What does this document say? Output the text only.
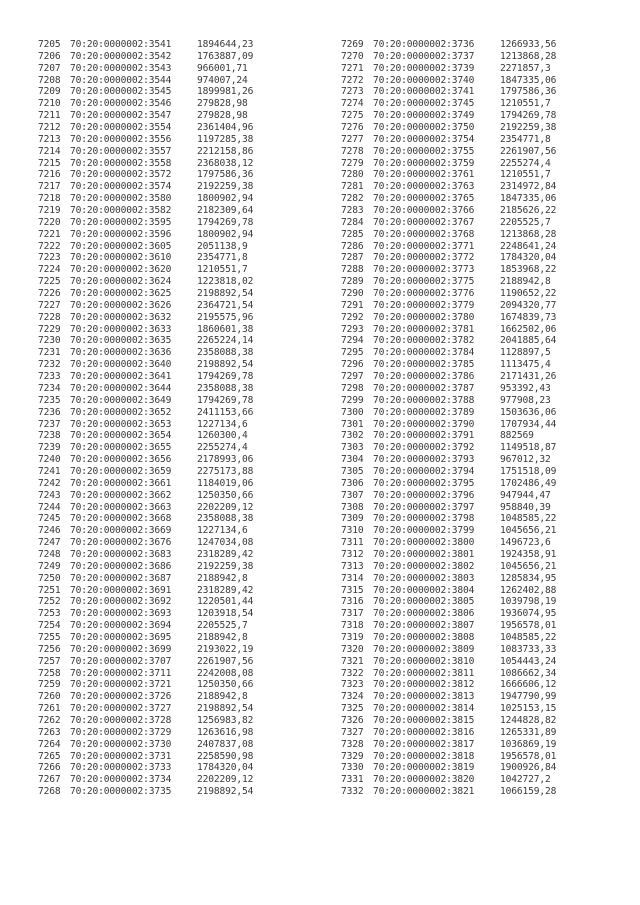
7205 70:20:0000002:3541	1894644,23
7206 70:20:0000002:3542	1763887,09
7207 70:20:0000002:3543	966001,71
7208 70:20:0000002:3544	974007,24
7209 70:20:0000002:3545	1899981,26
7210 70:20:0000002:3546	279828,98
7211 70:20:0000002:3547	279828,98
7212 70:20:0000002:3554	2361404,96
7213 70:20:0000002:3556	1197285,38
7214 70:20:0000002:3557	2212158,86
7215 70:20:0000002:3558	2368038,12
7216 70:20:0000002:3572	1797586,36
7217 70:20:0000002:3574	2192259,38
7218 70:20:0000002:3580	1800902,94
7219 70:20:0000002:3582	2182309,64
7220 70:20:0000002:3595	1794269,78
7221 70:20:0000002:3596	1800902,94
7222 70:20:0000002:3605	2051138,9
7223 70:20:0000002:3610	2354771,8
7224 70:20:0000002:3620	1210551,7
7225 70:20:0000002:3624	1223818,02
7226 70:20:0000002:3625	2198892,54
7227 70:20:0000002:3626	2364721,54
7228 70:20:0000002:3632	2195575,96
7229 70:20:0000002:3633	1860601,38
7230 70:20:0000002:3635	2265224,14
7231 70:20:0000002:3636	2358088,38
7232 70:20:0000002:3640	2198892,54
7233 70:20:0000002:3641	1794269,78
7234 70:20:0000002:3644	2358088,38
7235 70:20:0000002:3649	1794269,78
7236 70:20:0000002:3652	2411153,66
7237 70:20:0000002:3653	1227134,6
7238 70:20:0000002:3654	1260300,4
7239 70:20:0000002:3655	2255274,4
7240 70:20:0000002:3656	2178993,06
7241 70:20:0000002:3659	2275173,88
7242 70:20:0000002:3661	1184019,06
7243 70:20:0000002:3662	1250350,66
7244 70:20:0000002:3663	2202209,12
7245 70:20:0000002:3668	2358088,38
7246 70:20:0000002:3669	1227134,6
7247 70:20:0000002:3676	1247034,08
7248 70:20:0000002:3683	2318289,42
7249 70:20:0000002:3686	2192259,38
7250 70:20:0000002:3687	2188942,8
7251 70:20:0000002:3691	2318289,42
7252 70:20:0000002:3692	1220501,44
7253 70:20:0000002:3693	1203918,54
7254 70:20:0000002:3694	2205525,7
7255 70:20:0000002:3695	2188942,8
7256 70:20:0000002:3699	2193022,19
7257 70:20:0000002:3707	2261907,56
7258 70:20:0000002:3711	2242008,08
7259 70:20:0000002:3721	1250350,66
7260 70:20:0000002:3726	2188942,8
7261 70:20:0000002:3727	2198892,54
7262 70:20:0000002:3728	1256983,82
7263 70:20:0000002:3729	1263616,98
7264 70:20:0000002:3730	2407837,08
7265 70:20:0000002:3731	2258590,98
7266 70:20:0000002:3733	1784320,04
7267 70:20:0000002:3734	2202209,12
7268 70:20:0000002:3735	2198892,54
7269 70:20:0000002:3736	1266933,56
7270 70:20:0000002:3737	1213868,28
7271 70:20:0000002:3739	2271857,3
7272 70:20:0000002:3740	1847335,06
7273 70:20:0000002:3741	1797586,36
7274 70:20:0000002:3745	1210551,7
7275 70:20:0000002:3749	1794269,78
7276 70:20:0000002:3750	2192259,38
7277 70:20:0000002:3754	2354771,8
7278 70:20:0000002:3755	2261907,56
7279 70:20:0000002:3759	2255274,4
7280 70:20:0000002:3761	1210551,7
7281 70:20:0000002:3763	2314972,84
7282 70:20:0000002:3765	1847335,06
7283 70:20:0000002:3766	2185626,22
7284 70:20:0000002:3767	2205525,7
7285 70:20:0000002:3768	1213868,28
7286 70:20:0000002:3771	2248641,24
7287 70:20:0000002:3772	1784320,04
7288 70:20:0000002:3773	1853968,22
7289 70:20:0000002:3775	2188942,8
7290 70:20:0000002:3776	1190652,22
7291 70:20:0000002:3779	2094320,77
7292 70:20:0000002:3780	1674839,73
7293 70:20:0000002:3781	1662502,06
7294 70:20:0000002:3782	2041885,64
7295 70:20:0000002:3784	1128897,5
7296 70:20:0000002:3785	1113475,4
7297 70:20:0000002:3786	2171431,26
7298 70:20:0000002:3787	953392,43
7299 70:20:0000002:3788	977908,23
7300 70:20:0000002:3789	1503636,06
7301 70:20:0000002:3790	1707934,44
7302 70:20:0000002:3791	882569
7303 70:20:0000002:3792	1149518,87
7304 70:20:0000002:3793	967012,32
7305 70:20:0000002:3794	1751518,09
7306 70:20:0000002:3795	1702486,49
7307 70:20:0000002:3796	947944,47
7308 70:20:0000002:3797	958840,39
7309 70:20:0000002:3798	1048585,22
7310 70:20:0000002:3799	1045656,21
7311 70:20:0000002:3800	1496723,6
7312 70:20:0000002:3801	1924358,91
7313 70:20:0000002:3802	1045656,21
7314 70:20:0000002:3803	1285834,95
7315 70:20:0000002:3804	1262402,88
7316 70:20:0000002:3805	1039798,19
7317 70:20:0000002:3806	1936074,95
7318 70:20:0000002:3807	1956578,01
7319 70:20:0000002:3808	1048585,22
7320 70:20:0000002:3809	1083733,33
7321 70:20:0000002:3810	1054443,24
7322 70:20:0000002:3811	1086662,34
7323 70:20:0000002:3812	1666606,12
7324 70:20:0000002:3813	1947790,99
7325 70:20:0000002:3814	1025153,15
7326 70:20:0000002:3815	1244828,82
7327 70:20:0000002:3816	1265331,89
7328 70:20:0000002:3817	1036869,19
7329 70:20:0000002:3818	1956578,01
7330 70:20:0000002:3819	1900926,84
7331 70:20:0000002:3820	1042727,2
7332 70:20:0000002:3821	1066159,28
